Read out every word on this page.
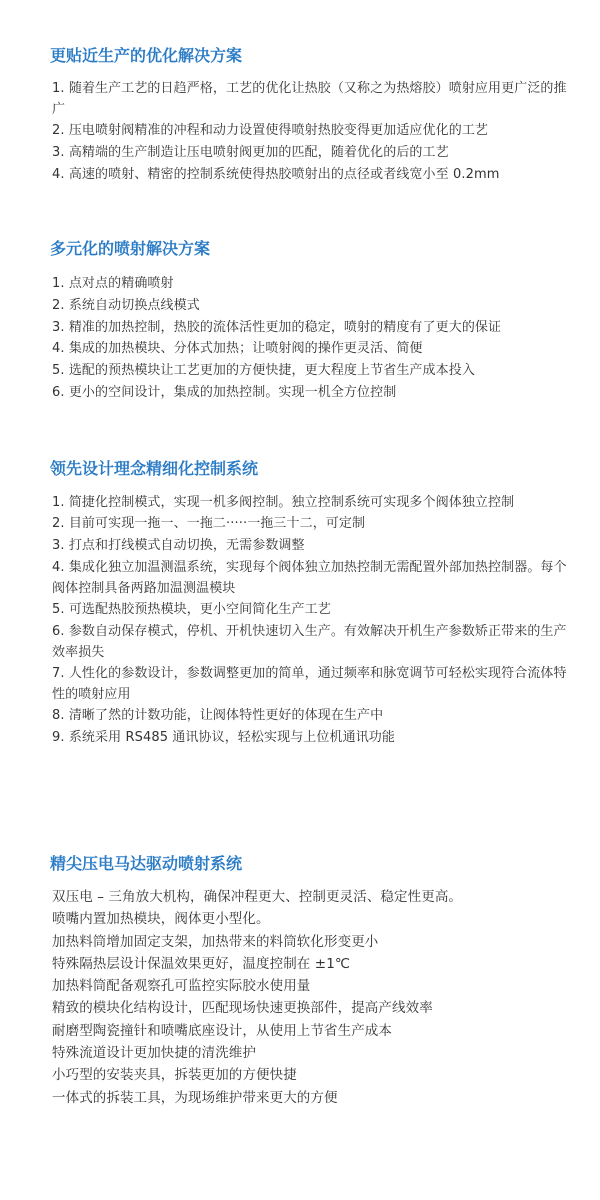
更贴近生产的优化解决方案
1. 随着生产工艺的日趋严格，工艺的优化让热胶（又称之为热熔胶）喷射应用更广泛的推广
2. 压电喷射阀精准的冲程和动力设置使得喷射热胶变得更加适应优化的工艺
3. 高精端的生产制造让压电喷射阀更加的匹配，随着优化的后的工艺
4. 高速的喷射、精密的控制系统使得热胶喷射出的点径或者线宽小至 0.2mm
多元化的喷射解决方案
1. 点对点的精确喷射
2. 系统自动切换点线模式
3. 精准的加热控制，热胶的流体活性更加的稳定，喷射的精度有了更大的保证
4. 集成的加热模块、分体式加热；让喷射阀的操作更灵活、简便
5. 选配的预热模块让工艺更加的方便快捷，更大程度上节省生产成本投入
6. 更小的空间设计，集成的加热控制。实现一机全方位控制
领先设计理念精细化控制系统
1. 简捷化控制模式，实现一机多阀控制。独立控制系统可实现多个阀体独立控制
2. 目前可实现一拖一、一拖二·····一拖三十二，可定制
3. 打点和打线模式自动切换，无需参数调整
4. 集成化独立加温测温系统，实现每个阀体独立加热控制无需配置外部加热控制器。每个阀体控制具备两路加温测温模块
5. 可选配热胶预热模块，更小空间简化生产工艺
6. 参数自动保存模式，停机、开机快速切入生产。有效解决开机生产参数矫正带来的生产效率损失
7. 人性化的参数设计，参数调整更加的简单，通过频率和脉宽调节可轻松实现符合流体特性的喷射应用
8. 清晰了然的计数功能，让阀体特性更好的体现在生产中
9. 系统采用 RS485 通讯协议，轻松实现与上位机通讯功能
精尖压电马达驱动喷射系统
双压电 – 三角放大机构，确保冲程更大、控制更灵活、稳定性更高。
喷嘴内置加热模块，阀体更小型化。
加热料筒增加固定支架，加热带来的料筒软化形变更小
特殊隔热层设计保温效果更好，温度控制在 ±1℃
加热料筒配备观察孔可监控实际胶水使用量
精致的模块化结构设计，匹配现场快速更换部件，提高产线效率
耐磨型陶瓷撞针和喷嘴底座设计，从使用上节省生产成本
特殊流道设计更加快捷的清洗维护
小巧型的安装夹具，拆装更加的方便快捷
一体式的拆装工具，为现场维护带来更大的方便
